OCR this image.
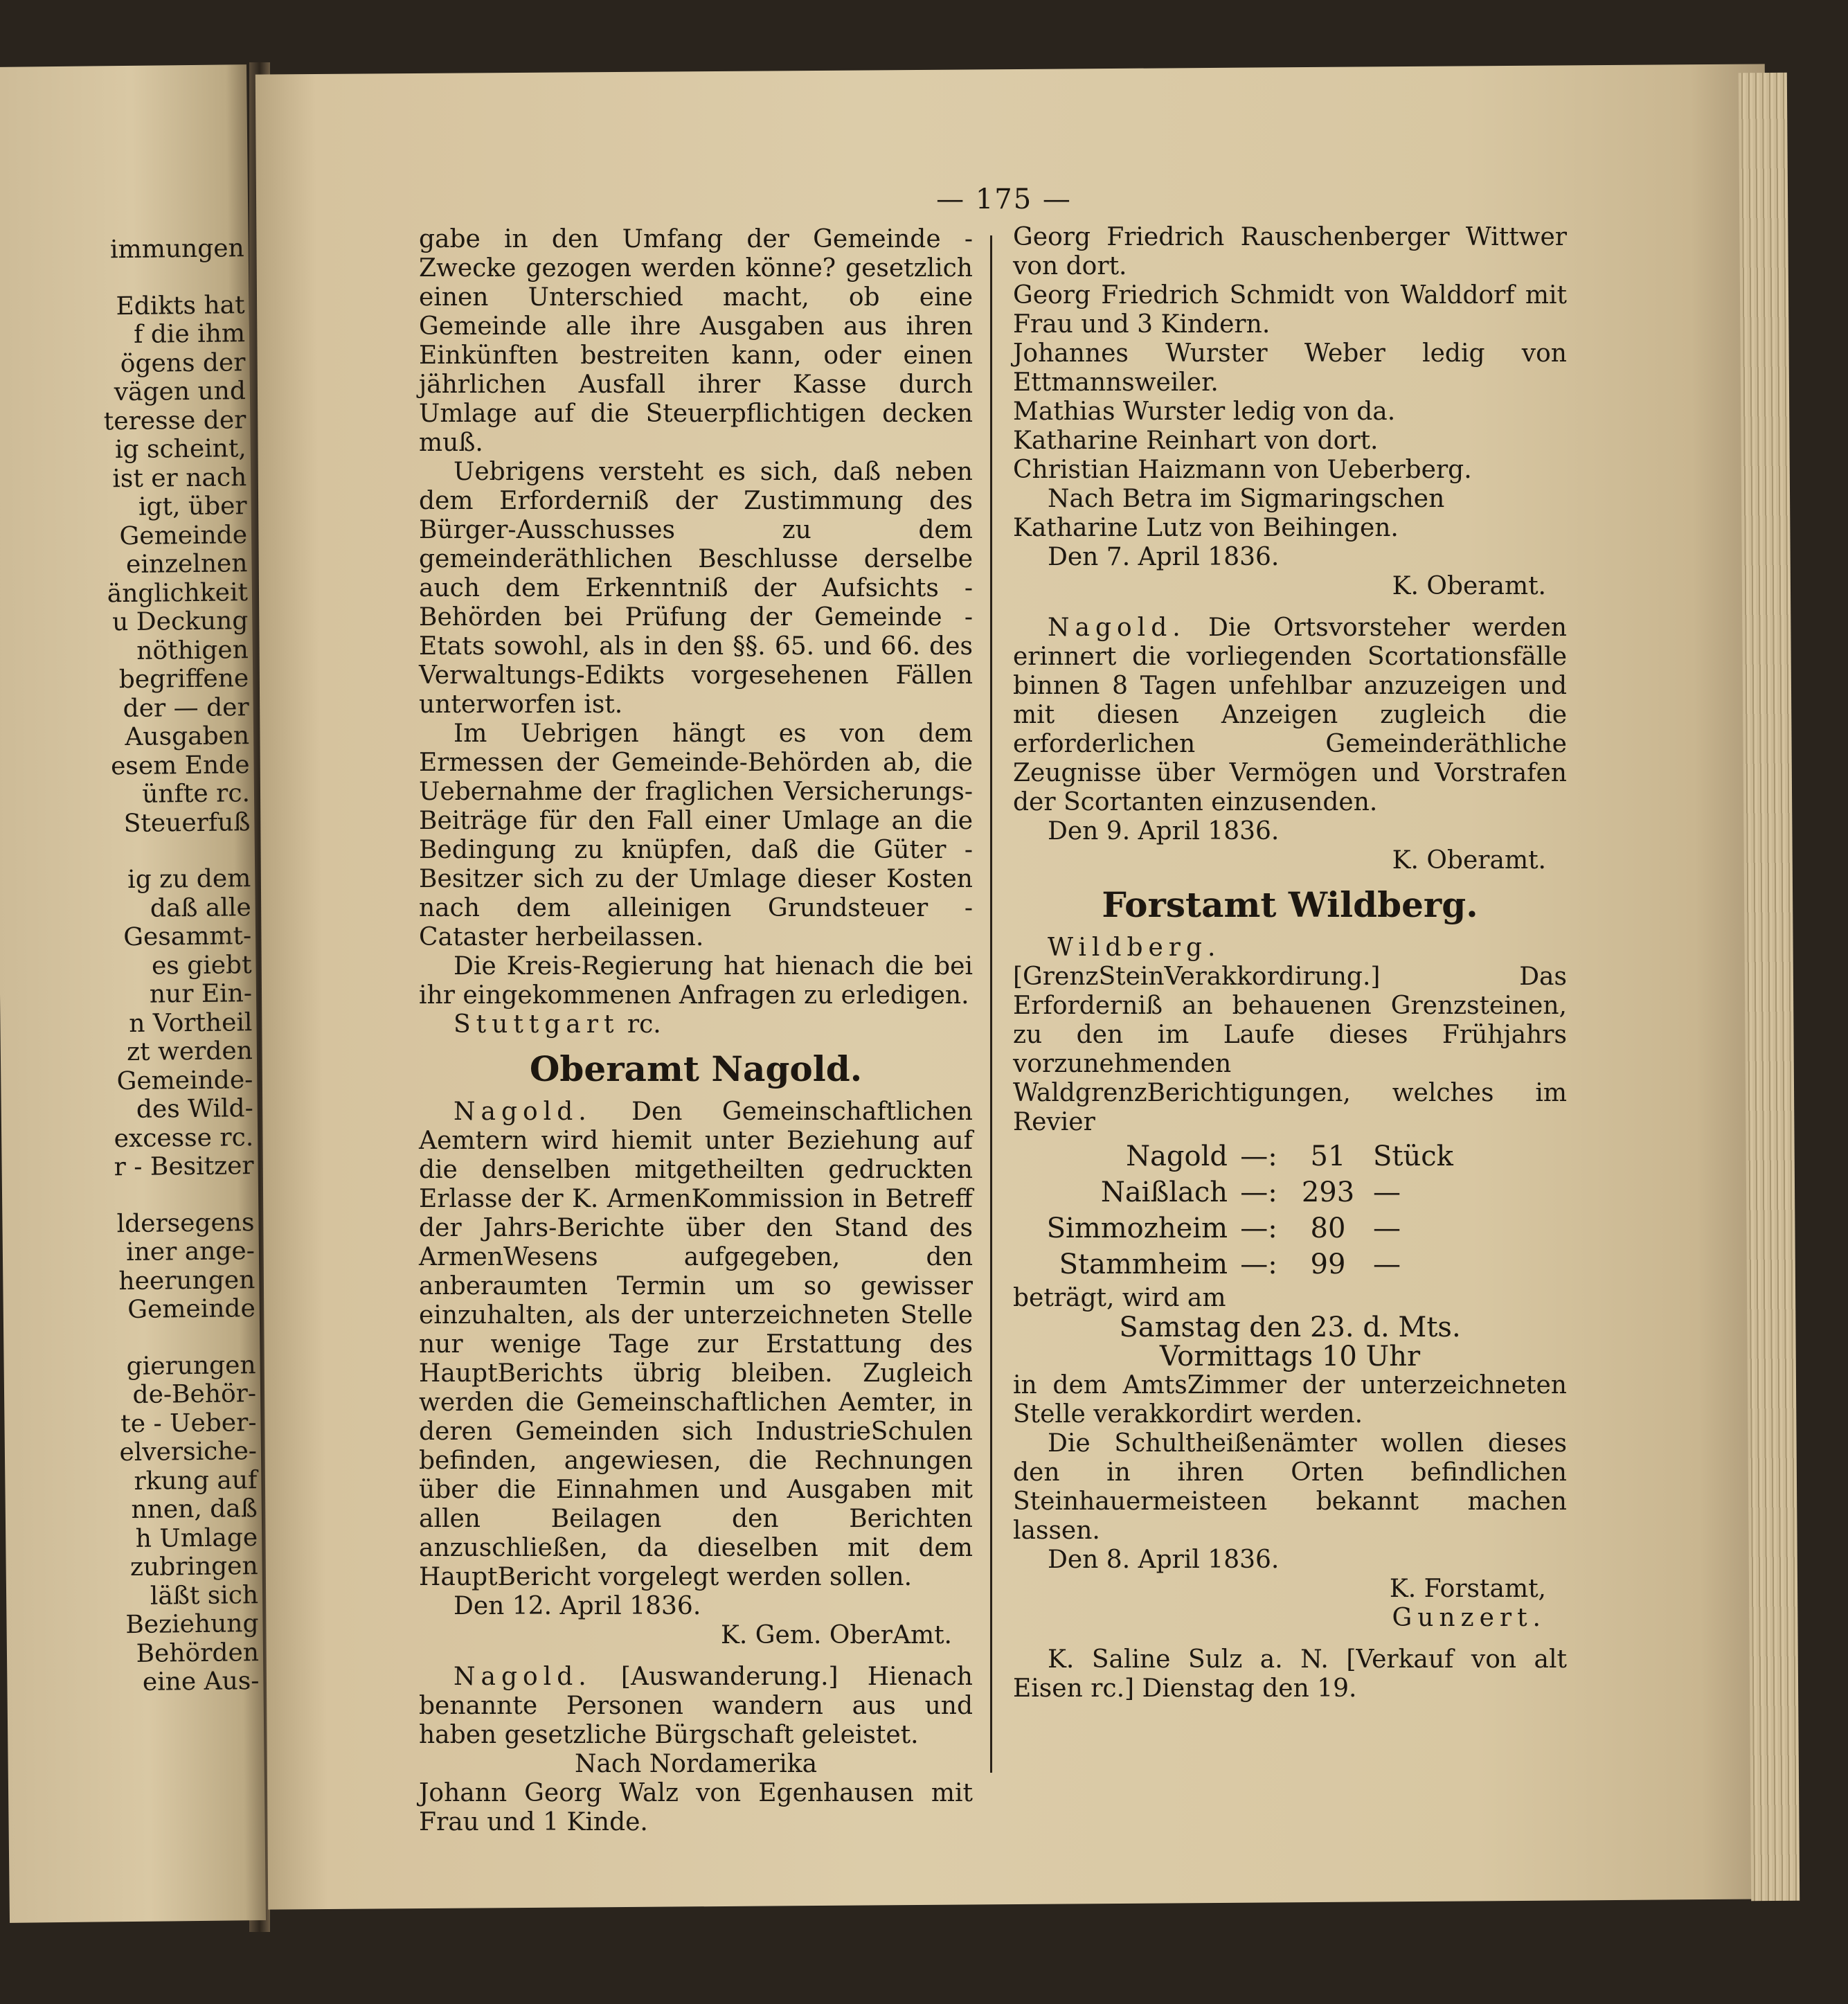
immungen
Edikts hat
f die ihm
ögens der
vägen und
teresse der
ig scheint,
ist er nach
igt, über
Gemeinde
einzelnen
änglichkeit
u Deckung
nöthigen
begriffene
der — der
Ausgaben
esem Ende
ünfte rc.
Steuerfuß
ig zu dem
daß alle
Gesammt-
es giebt
nur Ein-
n Vortheil
zt werden
Gemeinde-
des Wild-
excesse rc.
r - Besitzer
ldersegens
iner ange-
heerungen
Gemeinde
gierungen
de-Behör-
te - Ueber-
elversiche-
rkung auf
nnen, daß
h Umlage
zubringen
läßt sich
Beziehung
Behörden
eine Aus-
— 175 —

gabe in den Umfang der Gemeinde - Zwecke gezogen werden könne? gesetzlich einen Unterschied macht, ob eine Gemeinde alle ihre Ausgaben aus ihren Einkünften bestreiten kann, oder einen jährlichen Ausfall ihrer Kasse durch Umlage auf die Steuerpflichtigen decken muß.

Uebrigens versteht es sich, daß neben dem Erforderniß der Zustimmung des Bürger-Ausschusses zu dem gemeinderäthlichen Beschlusse derselbe auch dem Erkenntniß der Aufsichts - Behörden bei Prüfung der Gemeinde - Etats sowohl, als in den §§. 65. und 66. des Verwaltungs-Edikts vorgesehenen Fällen unterworfen ist.

Im Uebrigen hängt es von dem Ermessen der Gemeinde-Behörden ab, die Uebernahme der fraglichen Versicherungs-Beiträge für den Fall einer Umlage an die Bedingung zu knüpfen, daß die Güter - Besitzer sich zu der Umlage dieser Kosten nach dem alleinigen Grundsteuer - Cataster herbeilassen.

Die Kreis-Regierung hat hienach die bei ihr eingekommenen Anfragen zu erledigen.

Stuttgart rc.

Oberamt Nagold.

Nagold. Den Gemeinschaftlichen Aemtern wird hiemit unter Beziehung auf die denselben mitgetheilten gedruckten Erlasse der K. ArmenKommission in Betreff der Jahrs-Berichte über den Stand des ArmenWesens aufgegeben, den anberaumten Termin um so gewisser einzuhalten, als der unterzeichneten Stelle nur wenige Tage zur Erstattung des HauptBerichts übrig bleiben. Zugleich werden die Gemeinschaftlichen Aemter, in deren Gemeinden sich IndustrieSchulen befinden, angewiesen, die Rechnungen über die Einnahmen und Ausgaben mit allen Beilagen den Berichten anzuschließen, da dieselben mit dem HauptBericht vorgelegt werden sollen.

Den 12. April 1836.

K. Gem. OberAmt.

Nagold. [Auswanderung.] Hienach benannte Personen wandern aus und haben gesetzliche Bürgschaft geleistet.

Nach Nordamerika

Johann Georg Walz von Egenhausen mit Frau und 1 Kinde.

Georg Friedrich Rauschenberger Wittwer von dort.

Georg Friedrich Schmidt von Walddorf mit Frau und 3 Kindern.

Johannes Wurster Weber ledig von Ettmannsweiler.

Mathias Wurster ledig von da.

Katharine Reinhart von dort.

Christian Haizmann von Ueberberg.

Nach Betra im Sigmaringschen

Katharine Lutz von Beihingen.

Den 7. April 1836.

K. Oberamt.

Nagold. Die Ortsvorsteher werden erinnert die vorliegenden Scortationsfälle binnen 8 Tagen unfehlbar anzuzeigen und mit diesen Anzeigen zugleich die erforderlichen Gemeinderäthliche Zeugnisse über Vermögen und Vorstrafen der Scortanten einzusenden.

Den 9. April 1836.

K. Oberamt.

Forstamt Wildberg.

Wildberg. [GrenzSteinVerakkordirung.] Das Erforderniß an behauenen Grenzsteinen, zu den im Laufe dieses Frühjahrs vorzunehmenden WaldgrenzBerichtigungen, welches im Revier

Nagold —:	51 Stück
Naißlach —: 293 —
Simmozheim —:	80 —
Stammheim —:	99 —

beträgt, wird am

Samstag den 23. d. Mts.

Vormittags 10 Uhr

in dem AmtsZimmer der unterzeichneten Stelle verakkordirt werden.

Die Schultheißenämter wollen dieses den in ihren Orten befindlichen Steinhauermeisteen bekannt machen lassen.

Den 8. April 1836.

K. Forstamt,

Gunzert.

K. Saline Sulz a. N. [Verkauf von alt Eisen rc.] Dienstag den 19.
